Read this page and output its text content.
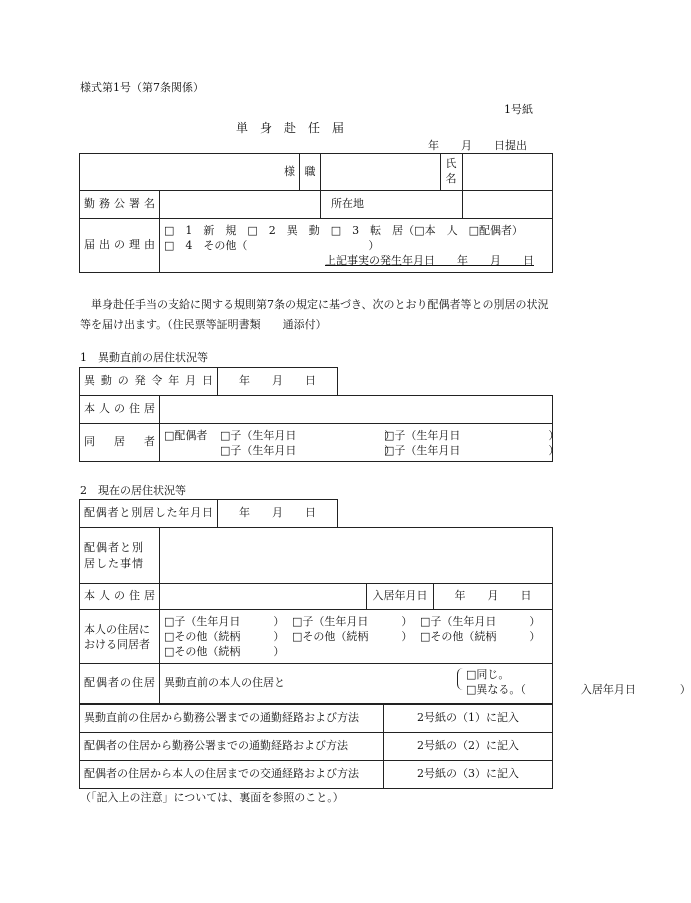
様式第1号（第7条関係）
1号紙
単　身　赴　任　届
年　　月　　日提出
様		職		氏名	
勤務公署名			所在地		
届出の理由	□　1　新　規　□　2　異　動　□　3　転　居（□本　人　□配偶者）
□　4　その他（　　　　　　　　　　　）
上記事実の発生年月日　　年　　月　　日				
単身赴任手当の支給に関する規則第7条の規定に基づき、次のとおり配偶者等との別居の状況等を届け出ます。（住民票等証明書類　　通添付）
1　異動直前の居住状況等
異動の発令年月日	年　　月　　日
本人の住居	
同　居　者	□配偶者 □子（生年月日　　　　　　　　）□子（生年月日　　　　　　　　）
□子（生年月日　　　　　　　　）□子（生年月日　　　　　　　　）
2　現在の居住状況等
配偶者と別居した年月日	年　　月　　日
配偶者と別居した事情			
本人の住居		入居年月日	年　　月　　日
本人の住居における同居者	□子（生年月日　　　） □子（生年月日　　　） □子（生年月日　　　）
□その他（続柄　　　） □その他（続柄　　　） □その他（続柄　　　）
□その他（続柄　　　）		

配偶者の住居	異動直前の本人の住居と
□同じ。
□異なる。（　　　　　入居年月日　　　　）		
異動直前の住居から勤務公署までの通勤経路および方法	2号紙の（1）に記入
配偶者の住居から勤務公署までの通勤経路および方法	2号紙の（2）に記入
配偶者の住居から本人の住居までの交通経路および方法	2号紙の（3）に記入
（「記入上の注意」については、裏面を参照のこと。）
